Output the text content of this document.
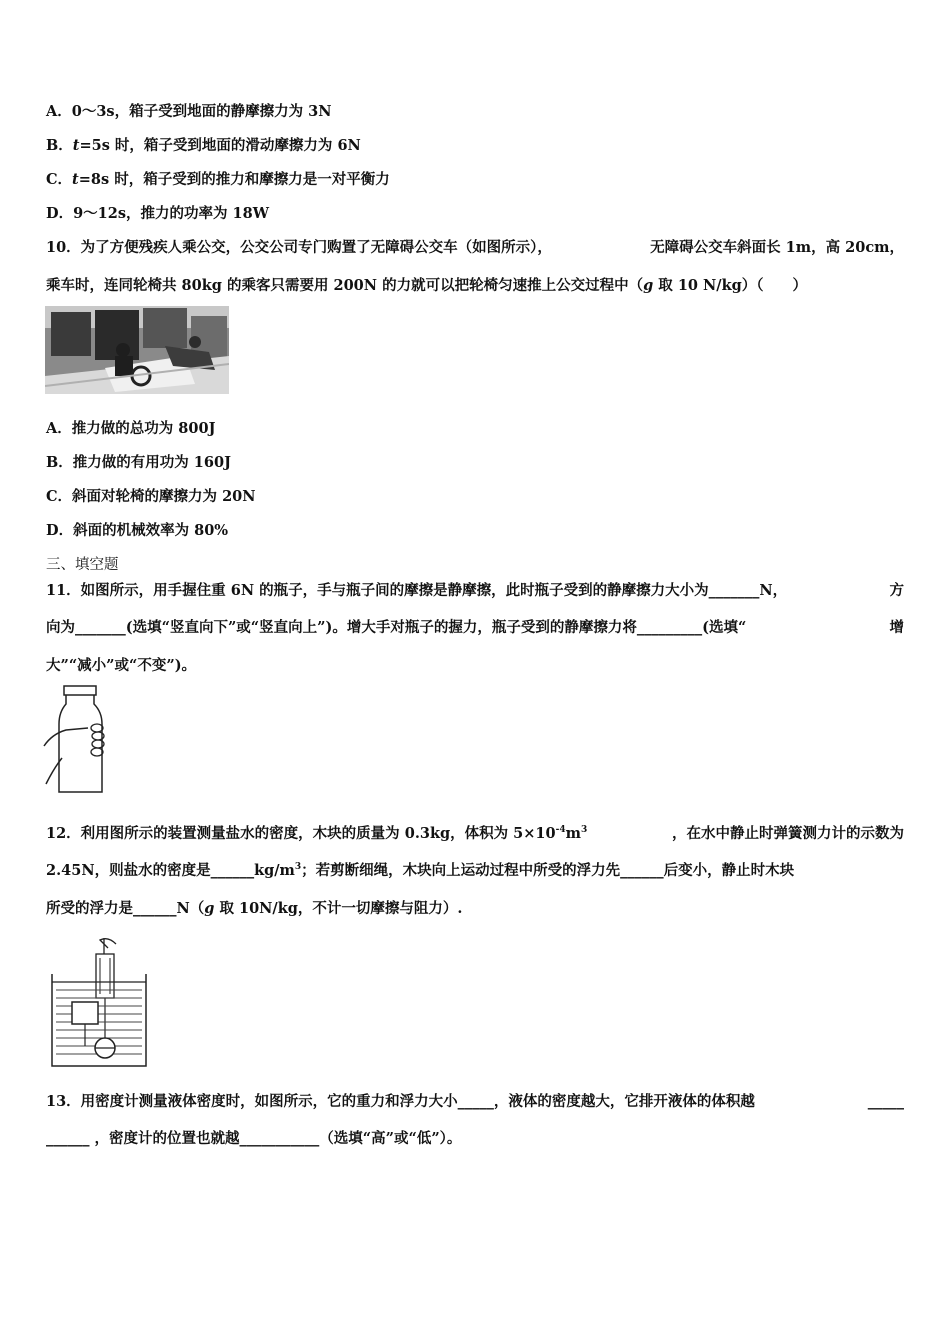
A．0～3s，箱子受到地面的静摩擦力为 3N
B．t=5s 时，箱子受到地面的滑动摩擦力为 6N
C．t=8s 时，箱子受到的推力和摩擦力是一对平衡力
D．9～12s，推力的功率为 18W
10．为了方便残疾人乘公交，公交公司专门购置了无障碍公交车（如图所示），	无障碍公交车斜面长 1m，高 20cm，
乘车时，连同轮椅共 80kg 的乘客只需要用 200N 的力就可以把轮椅匀速推上公交过程中（g 取 10 N/kg）（　　）
A．推力做的总功为 800J
B．推力做的有用功为 160J
C．斜面对轮椅的摩擦力为 20N
D．斜面的机械效率为 80%
三、填空题
11．如图所示，用手握住重 6N 的瓶子，手与瓶子间的摩擦是静摩擦，此时瓶子受到的静摩擦力大小为_______N，	方
向为_______(选填“竖直向下”或“竖直向上”)。增大手对瓶子的握力，瓶子受到的静摩擦力将_________(选填“	增
大”“减小”或“不变”)。
12．利用图所示的装置测量盐水的密度，木块的质量为 0.3kg，体积为 $5\times 10^{-4}m^3$	，在水中静止时弹簧测力计的示数为
2.45N，则盐水的密度是$\_\_\_\_\_\_kg/m^3$；若剪断细绳，木块向上运动过程中所受的浮力先______后变小，静止时木块
所受的浮力是______N（g 取 10N/kg，不计一切摩擦与阻力）.
13．用密度计测量液体密度时，如图所示，它的重力和浮力大小_____，液体的密度越大，它排开液体的体积越	_____
______ ，密度计的位置也就越___________（选填“高”或“低”）。
